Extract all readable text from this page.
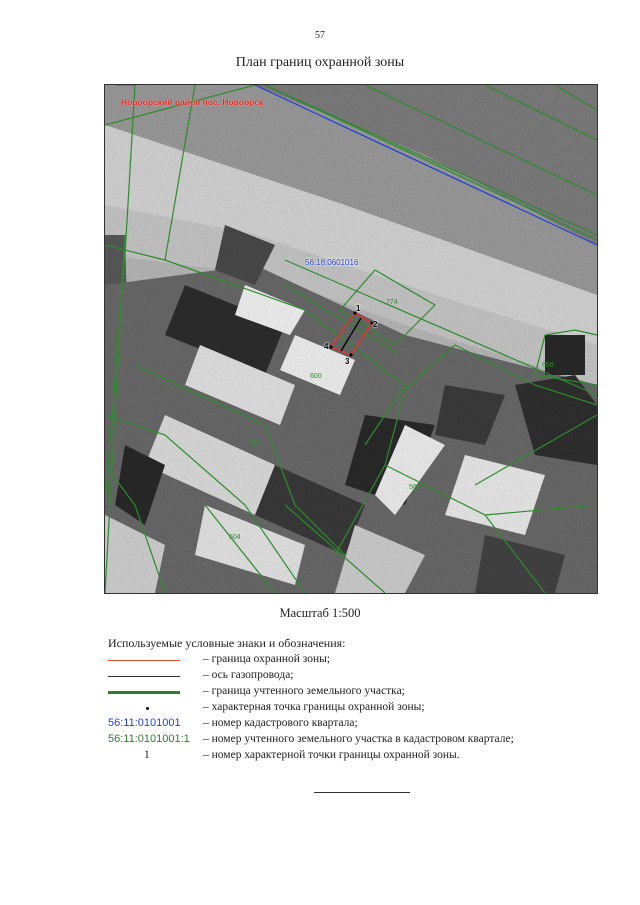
57
План границ охранной зоны
Новоорский район пос. Новоорск
56:18:0601016
774
656
600
599
569
604
1
2
3
4
Масштаб 1:500
Используемые условные знаки и обозначения:
– граница охранной зоны;
– ось газопровода;
– граница учтенного земельного участка;
– характерная точка границы охранной зоны;
56:11:0101001 – номер кадастрового квартала;
56:11:0101001:1 – номер учтенного земельного участка в кадастровом квартале;
1	– номер характерной точки границы охранной зоны.
